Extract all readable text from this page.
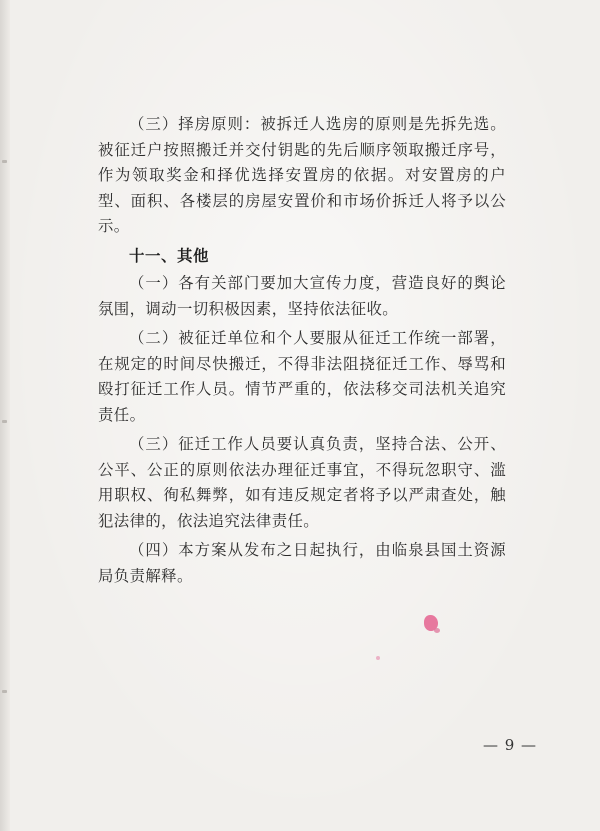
（三）择房原则：被拆迁人选房的原则是先拆先选。被征迁户按照搬迁并交付钥匙的先后顺序领取搬迁序号，作为领取奖金和择优选择安置房的依据。对安置房的户型、面积、各楼层的房屋安置价和市场价拆迁人将予以公示。

十一、其他

（一）各有关部门要加大宣传力度，营造良好的舆论氛围，调动一切积极因素，坚持依法征收。

（二）被征迁单位和个人要服从征迁工作统一部署，在规定的时间尽快搬迁，不得非法阻挠征迁工作、辱骂和殴打征迁工作人员。情节严重的，依法移交司法机关追究责任。

（三）征迁工作人员要认真负责，坚持合法、公开、公平、公正的原则依法办理征迁事宜，不得玩忽职守、滥用职权、徇私舞弊，如有违反规定者将予以严肃查处，触犯法律的，依法追究法律责任。

（四）本方案从发布之日起执行，由临泉县国土资源局负责解释。

— 9 —
